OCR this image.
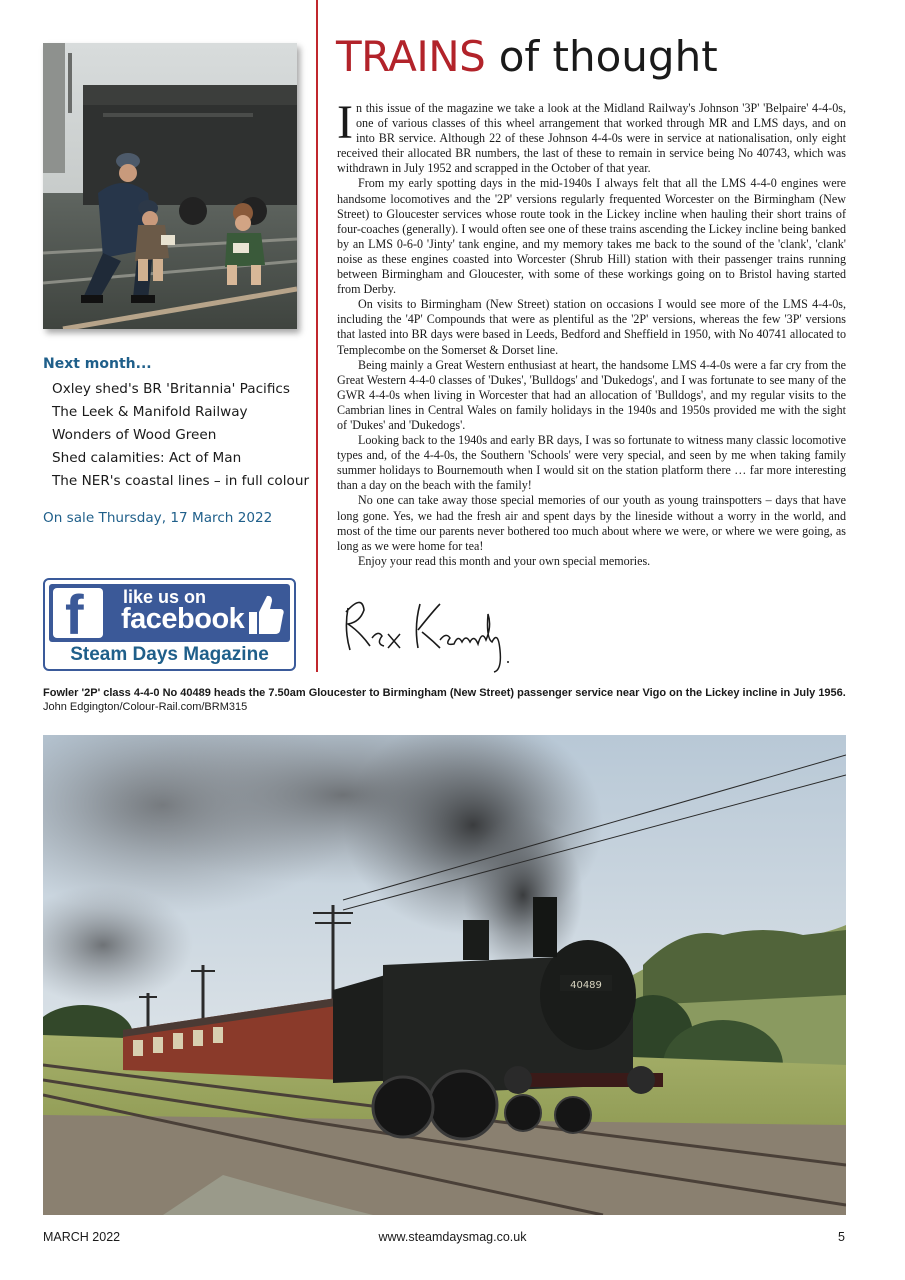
Next month...
Oxley shed's BR 'Britannia' Pacifics
The Leek & Manifold Railway
Wonders of Wood Green
Shed calamities: Act of Man
The NER's coastal lines – in full colour
On sale Thursday, 17 March 2022
f like us on
facebook
Steam Days Magazine
TRAINS of thought

In this issue of the magazine we take a look at the Midland Railway's Johnson '3P' 'Belpaire' 4-4-0s, one of various classes of this wheel arrangement that worked through MR and LMS days, and on into BR service. Although 22 of these Johnson 4-4-0s were in service at nationalisation, only eight received their allocated BR numbers, the last of these to remain in service being No 40743, which was withdrawn in July 1952 and scrapped in the October of that year.

From my early spotting days in the mid-1940s I always felt that all the LMS 4-4-0 engines were handsome locomotives and the '2P' versions regularly frequented Worcester on the Birmingham (New Street) to Gloucester services whose route took in the Lickey incline when hauling their short trains of four-coaches (generally). I would often see one of these trains ascending the Lickey incline being banked by an LMS 0-6-0 'Jinty' tank engine, and my memory takes me back to the sound of the 'clank', 'clank' noise as these engines coasted into Worcester (Shrub Hill) station with their passenger trains running between Birmingham and Gloucester, with some of these workings going on to Bristol having started from Derby.

On visits to Birmingham (New Street) station on occasions I would see more of the LMS 4-4-0s, including the '4P' Compounds that were as plentiful as the '2P' versions, whereas the few '3P' versions that lasted into BR days were based in Leeds, Bedford and Sheffield in 1950, with No 40741 allocated to Templecombe on the Somerset & Dorset line.

Being mainly a Great Western enthusiast at heart, the handsome LMS 4-4-0s were a far cry from the Great Western 4-4-0 classes of 'Dukes', 'Bulldogs' and 'Dukedogs', and I was fortunate to see many of the GWR 4-4-0s when living in Worcester that had an allocation of 'Bulldogs', and my regular visits to the Cambrian lines in Central Wales on family holidays in the 1940s and 1950s provided me with the sight of 'Dukes' and 'Dukedogs'.

Looking back to the 1940s and early BR days, I was so fortunate to witness many classic locomotive types and, of the 4-4-0s, the Southern 'Schools' were very special, and seen by me when taking family summer holidays to Bournemouth when I would sit on the station platform there … far more interesting than a day on the beach with the family!

No one can take away those special memories of our youth as young trainspotters – days that have long gone. Yes, we had the fresh air and spent days by the lineside without a worry in the world, and most of the time our parents never bothered too much about where we were, or where we were going, as long as we were home for tea!

Enjoy your read this month and your own special memories.

Fowler '2P' class 4-4-0 No 40489 heads the 7.50am Gloucester to Birmingham (New Street) passenger service near Vigo on the Lickey incline in July 1956.  John Edgington/Colour-Rail.com/BRM315
40489
MARCH 2022	www.steamdaysmag.co.uk	5
